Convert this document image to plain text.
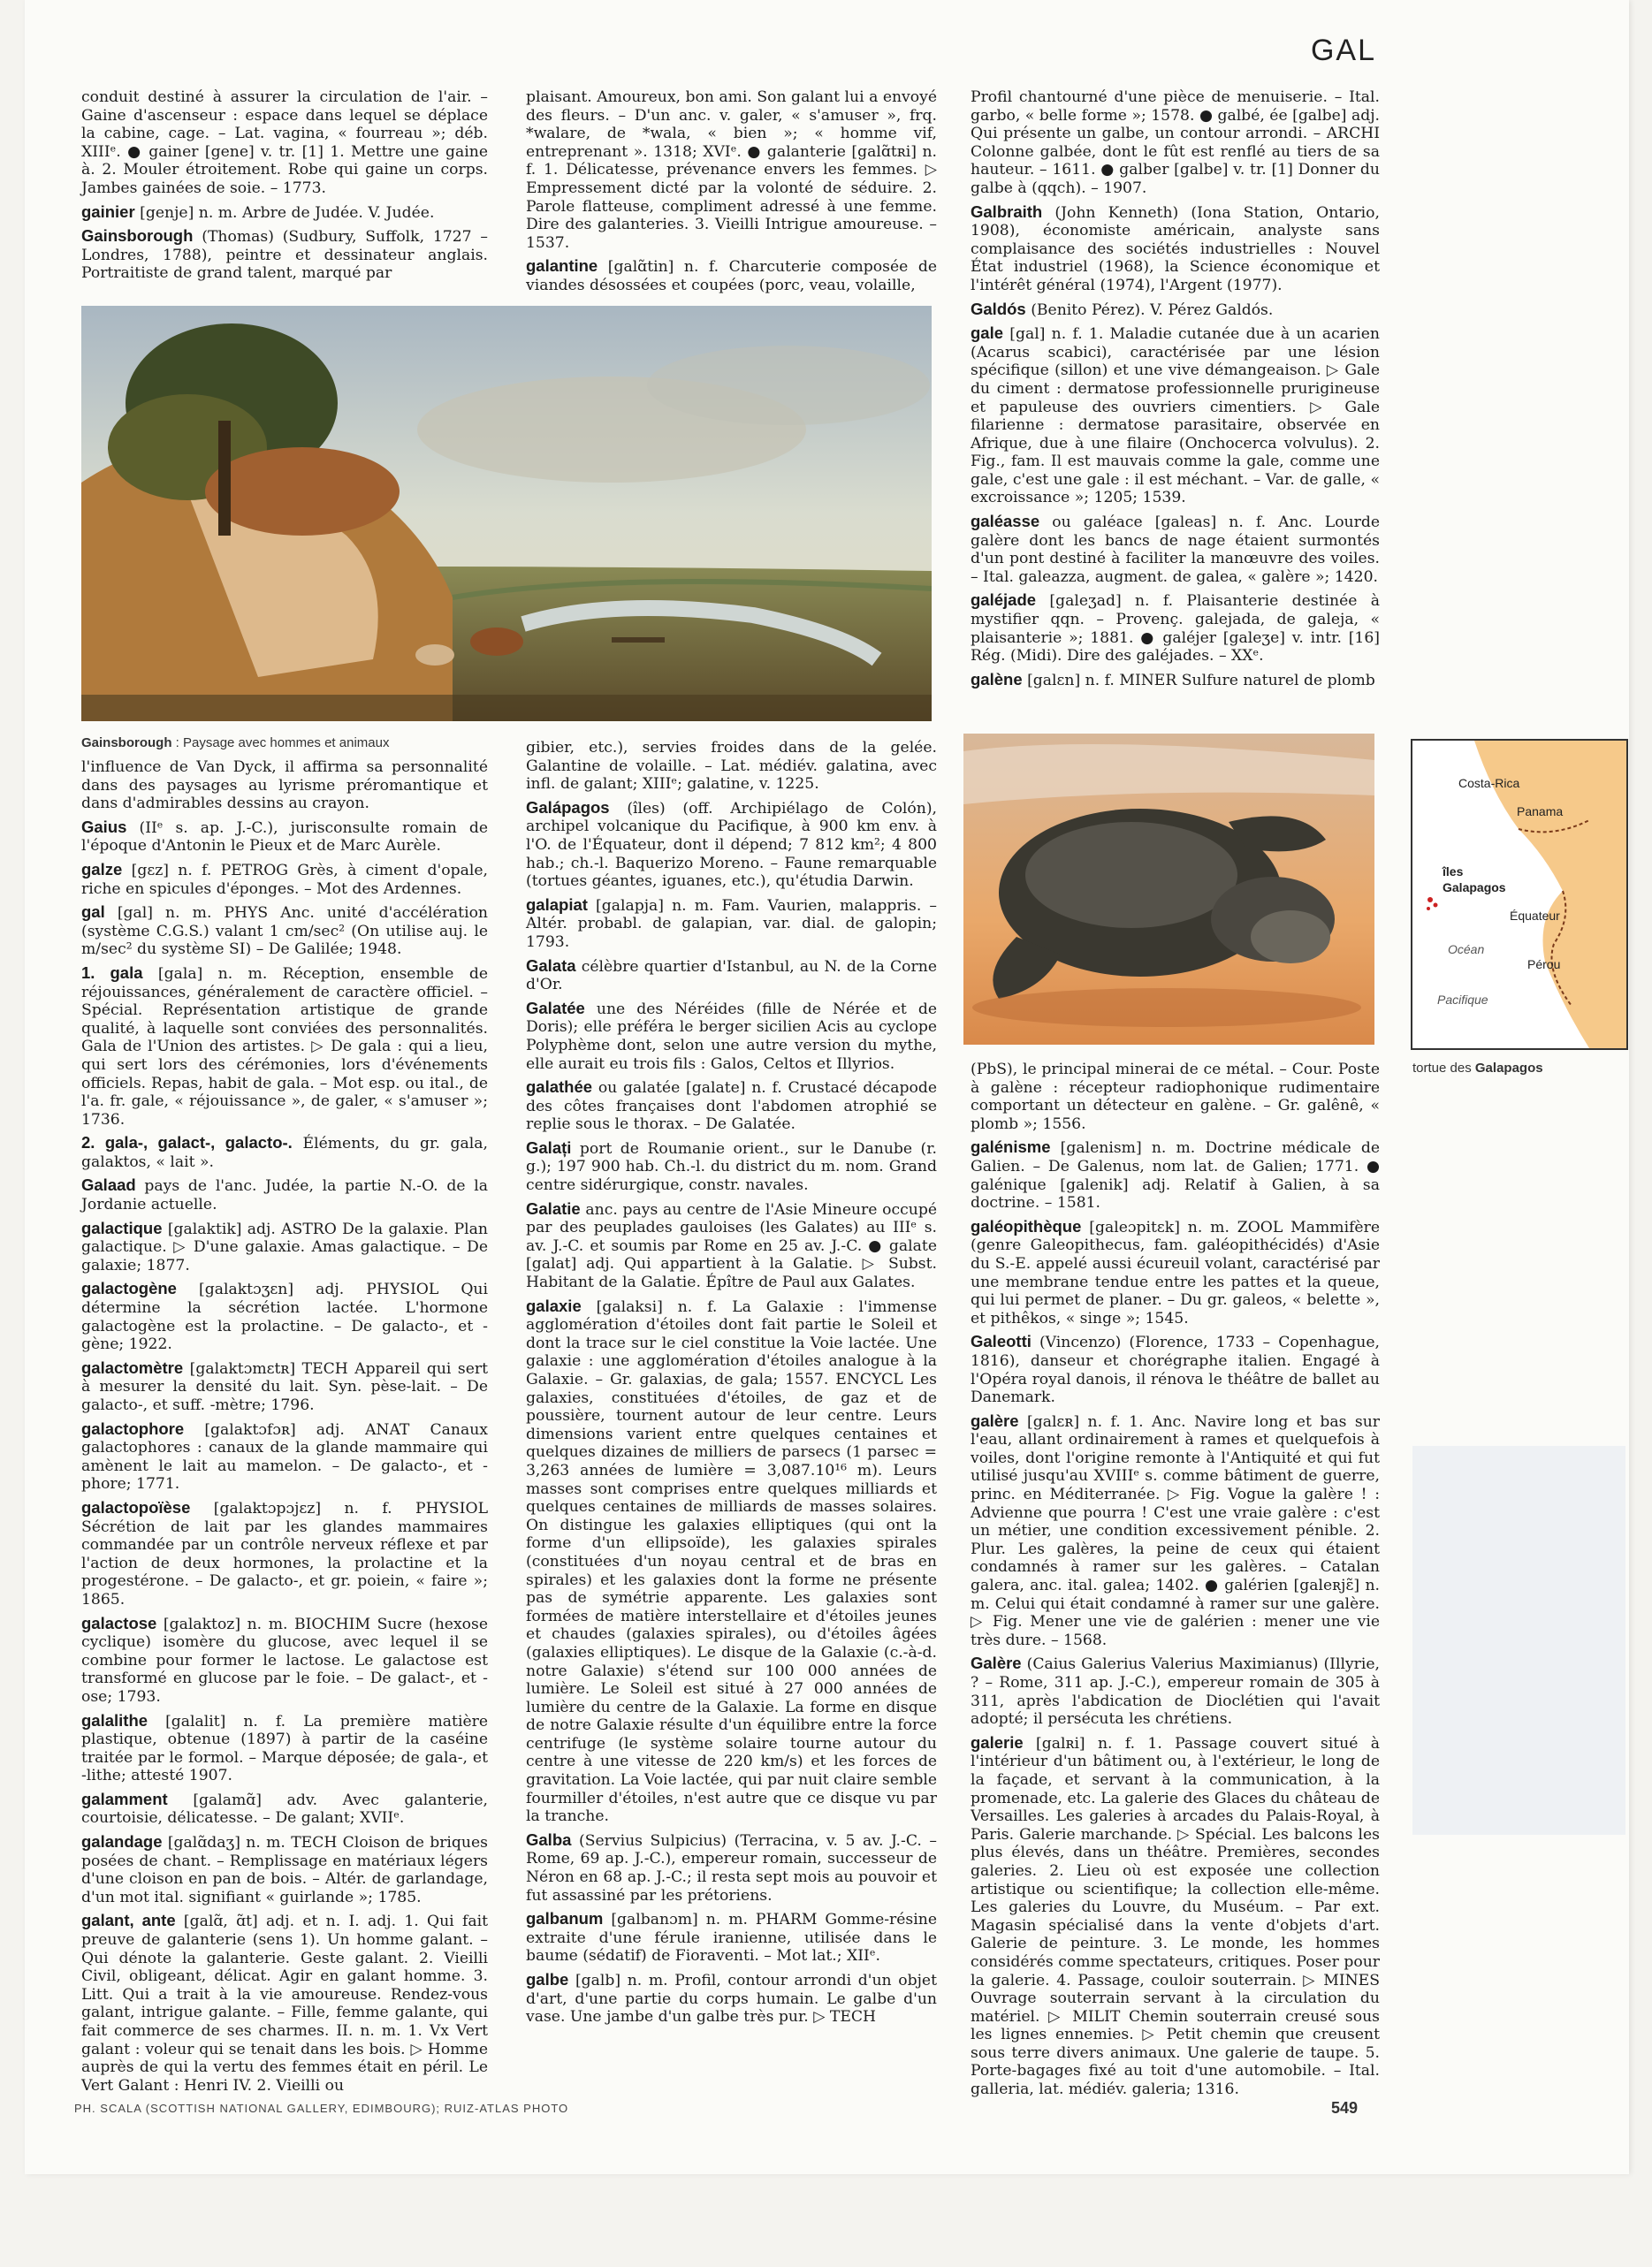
GAL

conduit destiné à assurer la circulation de l'air. – Gaine d'ascenseur : espace dans lequel se déplace la cabine, cage. – Lat. vagina, « fourreau »; déb. XIIIᵉ. ● gainer [gene] v. tr. [1] 1. Mettre une gaine à. 2. Mouler étroitement. Robe qui gaine un corps. Jambes gainées de soie. – 1773.

gainier [genje] n. m. Arbre de Judée. V. Judée.

Gainsborough (Thomas) (Sudbury, Suffolk, 1727 – Londres, 1788), peintre et dessinateur anglais. Portraitiste de grand talent, marqué par

plaisant. Amoureux, bon ami. Son galant lui a envoyé des fleurs. – D'un anc. v. galer, « s'amuser », frq. *walare, de *wala, « bien »; « homme vif, entreprenant ». 1318; XVIᵉ. ● galanterie [galɑ̃tʀi] n. f. 1. Délicatesse, prévenance envers les femmes. ▷ Empressement dicté par la volonté de séduire. 2. Parole flatteuse, compliment adressé à une femme. Dire des galanteries. 3. Vieilli Intrigue amoureuse. – 1537.

galantine [galɑ̃tin] n. f. Charcuterie composée de viandes désossées et coupées (porc, veau, volaille,

Profil chantourné d'une pièce de menuiserie. – Ital. garbo, « belle forme »; 1578. ● galbé, ée [galbe] adj. Qui présente un galbe, un contour arrondi. – ARCHI Colonne galbée, dont le fût est renflé au tiers de sa hauteur. – 1611. ● galber [galbe] v. tr. [1] Donner du galbe à (qqch). – 1907.

Galbraith (John Kenneth) (Iona Station, Ontario, 1908), économiste américain, analyste sans complaisance des sociétés industrielles : Nouvel État industriel (1968), la Science économique et l'intérêt général (1974), l'Argent (1977).

Galdós (Benito Pérez). V. Pérez Galdós.

gale [gal] n. f. 1. Maladie cutanée due à un acarien (Acarus scabici), caractérisée par une lésion spécifique (sillon) et une vive démangeaison. ▷ Gale du ciment : dermatose professionnelle prurigineuse et papuleuse des ouvriers cimentiers. ▷ Gale filarienne : dermatose parasitaire, observée en Afrique, due à une filaire (Onchocerca volvulus). 2. Fig., fam. Il est mauvais comme la gale, comme une gale, c'est une gale : il est méchant. – Var. de galle, « excroissance »; 1205; 1539.

galéasse ou galéace [galeas] n. f. Anc. Lourde galère dont les bancs de nage étaient surmontés d'un pont destiné à faciliter la manœuvre des voiles. – Ital. galeazza, augment. de galea, « galère »; 1420.

galéjade [galeʒad] n. f. Plaisanterie destinée à mystifier qqn. – Provenç. galejada, de galeja, « plaisanterie »; 1881. ● galéjer [galeʒe] v. intr. [16] Rég. (Midi). Dire des galéjades. – XXᵉ.

galène [galɛn] n. f. MINER Sulfure naturel de plomb

Gainsborough : Paysage avec hommes et animaux

l'influence de Van Dyck, il affirma sa personnalité dans des paysages au lyrisme préromantique et dans d'admirables dessins au crayon.

Gaius (IIᵉ s. ap. J.-C.), jurisconsulte romain de l'époque d'Antonin le Pieux et de Marc Aurèle.

galze [gɛz] n. f. PETROG Grès, à ciment d'opale, riche en spicules d'éponges. – Mot des Ardennes.

gal [gal] n. m. PHYS Anc. unité d'accélération (système C.G.S.) valant 1 cm/sec² (On utilise auj. le m/sec² du système SI) – De Galilée; 1948.

1. gala [gala] n. m. Réception, ensemble de réjouissances, généralement de caractère officiel. – Spécial. Représentation artistique de grande qualité, à laquelle sont conviées des personnalités. Gala de l'Union des artistes. ▷ De gala : qui a lieu, qui sert lors des cérémonies, lors d'événements officiels. Repas, habit de gala. – Mot esp. ou ital., de l'a. fr. gale, « réjouissance », de galer, « s'amuser »; 1736.

2. gala-, galact-, galacto-. Éléments, du gr. gala, galaktos, « lait ».

Galaad pays de l'anc. Judée, la partie N.-O. de la Jordanie actuelle.

galactique [galaktik] adj. ASTRO De la galaxie. Plan galactique. ▷ D'une galaxie. Amas galactique. – De galaxie; 1877.

galactogène [galaktɔʒɛn] adj. PHYSIOL Qui détermine la sécrétion lactée. L'hormone galactogène est la prolactine. – De galacto-, et -gène; 1922.

galactomètre [galaktɔmɛtʀ] TECH Appareil qui sert à mesurer la densité du lait. Syn. pèse-lait. – De galacto-, et suff. -mètre; 1796.

galactophore [galaktɔfɔʀ] adj. ANAT Canaux galactophores : canaux de la glande mammaire qui amènent le lait au mamelon. – De galacto-, et -phore; 1771.

galactopoïèse [galaktɔpɔjɛz] n. f. PHYSIOL Sécrétion de lait par les glandes mammaires commandée par un contrôle nerveux réflexe et par l'action de deux hormones, la prolactine et la progestérone. – De galacto-, et gr. poiein, « faire »; 1865.

galactose [galaktoz] n. m. BIOCHIM Sucre (hexose cyclique) isomère du glucose, avec lequel il se combine pour former le lactose. Le galactose est transformé en glucose par le foie. – De galact-, et -ose; 1793.

galalithe [galalit] n. f. La première matière plastique, obtenue (1897) à partir de la caséine traitée par le formol. – Marque déposée; de gala-, et -lithe; attesté 1907.

galamment [galamɑ̃] adv. Avec galanterie, courtoisie, délicatesse. – De galant; XVIIᵉ.

galandage [galɑ̃daʒ] n. m. TECH Cloison de briques posées de chant. – Remplissage en matériaux légers d'une cloison en pan de bois. – Altér. de garlandage, d'un mot ital. signifiant « guirlande »; 1785.

galant, ante [galɑ̃, ɑ̃t] adj. et n. I. adj. 1. Qui fait preuve de galanterie (sens 1). Un homme galant. – Qui dénote la galanterie. Geste galant. 2. Vieilli Civil, obligeant, délicat. Agir en galant homme. 3. Litt. Qui a trait à la vie amoureuse. Rendez-vous galant, intrigue galante. – Fille, femme galante, qui fait commerce de ses charmes. II. n. m. 1. Vx Vert galant : voleur qui se tenait dans les bois. ▷ Homme auprès de qui la vertu des femmes était en péril. Le Vert Galant : Henri IV. 2. Vieilli ou

gibier, etc.), servies froides dans de la gelée. Galantine de volaille. – Lat. médiév. galatina, avec infl. de galant; XIIIᵉ; galatine, v. 1225.

Galápagos (îles) (off. Archipiélago de Colón), archipel volcanique du Pacifique, à 900 km env. à l'O. de l'Équateur, dont il dépend; 7 812 km²; 4 800 hab.; ch.-l. Baquerizo Moreno. – Faune remarquable (tortues géantes, iguanes, etc.), qu'étudia Darwin.

galapiat [galapja] n. m. Fam. Vaurien, malappris. – Altér. probabl. de galapian, var. dial. de galopin; 1793.

Galata célèbre quartier d'Istanbul, au N. de la Corne d'Or.

Galatée une des Néréides (fille de Nérée et de Doris); elle préféra le berger sicilien Acis au cyclope Polyphème dont, selon une autre version du mythe, elle aurait eu trois fils : Galos, Celtos et Illyrios.

galathée ou galatée [galate] n. f. Crustacé décapode des côtes françaises dont l'abdomen atrophié se replie sous le thorax. – De Galatée.

Galați port de Roumanie orient., sur le Danube (r. g.); 197 900 hab. Ch.-l. du district du m. nom. Grand centre sidérurgique, constr. navales.

Galatie anc. pays au centre de l'Asie Mineure occupé par des peuplades gauloises (les Galates) au IIIᵉ s. av. J.-C. et soumis par Rome en 25 av. J.-C. ● galate [galat] adj. Qui appartient à la Galatie. ▷ Subst. Habitant de la Galatie. Épître de Paul aux Galates.

galaxie [galaksi] n. f. La Galaxie : l'immense agglomération d'étoiles dont fait partie le Soleil et dont la trace sur le ciel constitue la Voie lactée. Une galaxie : une agglomération d'étoiles analogue à la Galaxie. – Gr. galaxias, de gala; 1557. ENCYCL Les galaxies, constituées d'étoiles, de gaz et de poussière, tournent autour de leur centre. Leurs dimensions varient entre quelques centaines et quelques dizaines de milliers de parsecs (1 parsec = 3,263 années de lumière = 3,087.10¹⁶ m). Leurs masses sont comprises entre quelques milliards et quelques centaines de milliards de masses solaires. On distingue les galaxies elliptiques (qui ont la forme d'un ellipsoïde), les galaxies spirales (constituées d'un noyau central et de bras en spirales) et les galaxies dont la forme ne présente pas de symétrie apparente. Les galaxies sont formées de matière interstellaire et d'étoiles jeunes et chaudes (galaxies spirales), ou d'étoiles âgées (galaxies elliptiques). Le disque de la Galaxie (c.-à-d. notre Galaxie) s'étend sur 100 000 années de lumière. Le Soleil est situé à 27 000 années de lumière du centre de la Galaxie. La forme en disque de notre Galaxie résulte d'un équilibre entre la force centrifuge (le système solaire tourne autour du centre à une vitesse de 220 km/s) et les forces de gravitation. La Voie lactée, qui par nuit claire semble fourmiller d'étoiles, n'est autre que ce disque vu par la tranche.

Galba (Servius Sulpicius) (Terracina, v. 5 av. J.-C. – Rome, 69 ap. J.-C.), empereur romain, successeur de Néron en 68 ap. J.-C.; il resta sept mois au pouvoir et fut assassiné par les prétoriens.

galbanum [galbanɔm] n. m. PHARM Gomme-résine extraite d'une férule iranienne, utilisée dans le baume (sédatif) de Fioraventi. – Mot lat.; XIIᵉ.

galbe [galb] n. m. Profil, contour arrondi d'un objet d'art, d'une partie du corps humain. Le galbe d'un vase. Une jambe d'un galbe très pur. ▷ TECH

Costa-Rica
Panama
îles
Galapagos
Équateur
Océan
Pérou
Pacifique
tortue des Galapagos

(PbS), le principal minerai de ce métal. – Cour. Poste à galène : récepteur radiophonique rudimentaire comportant un détecteur en galène. – Gr. galênê, « plomb »; 1556.

galénisme [galenism] n. m. Doctrine médicale de Galien. – De Galenus, nom lat. de Galien; 1771. ● galénique [galenik] adj. Relatif à Galien, à sa doctrine. – 1581.

galéopithèque [galeɔpitɛk] n. m. ZOOL Mammifère (genre Galeopithecus, fam. galéopithécidés) d'Asie du S.-E. appelé aussi écureuil volant, caractérisé par une membrane tendue entre les pattes et la queue, qui lui permet de planer. – Du gr. galeos, « belette », et pithêkos, « singe »; 1545.

Galeotti (Vincenzo) (Florence, 1733 – Copenhague, 1816), danseur et chorégraphe italien. Engagé à l'Opéra royal danois, il rénova le théâtre de ballet au Danemark.

galère [galɛʀ] n. f. 1. Anc. Navire long et bas sur l'eau, allant ordinairement à rames et quelquefois à voiles, dont l'origine remonte à l'Antiquité et qui fut utilisé jusqu'au XVIIIᵉ s. comme bâtiment de guerre, princ. en Méditerranée. ▷ Fig. Vogue la galère ! : Advienne que pourra ! C'est une vraie galère : c'est un métier, une condition excessivement pénible. 2. Plur. Les galères, la peine de ceux qui étaient condamnés à ramer sur les galères. – Catalan galera, anc. ital. galea; 1402. ● galérien [galeʀjɛ̃] n. m. Celui qui était condamné à ramer sur une galère. ▷ Fig. Mener une vie de galérien : mener une vie très dure. – 1568.

Galère (Caius Galerius Valerius Maximianus) (Illyrie, ? – Rome, 311 ap. J.-C.), empereur romain de 305 à 311, après l'abdication de Dioclétien qui l'avait adopté; il persécuta les chrétiens.

galerie [galʀi] n. f. 1. Passage couvert situé à l'intérieur d'un bâtiment ou, à l'extérieur, le long de la façade, et servant à la communication, à la promenade, etc. La galerie des Glaces du château de Versailles. Les galeries à arcades du Palais-Royal, à Paris. Galerie marchande. ▷ Spécial. Les balcons les plus élevés, dans un théâtre. Premières, secondes galeries. 2. Lieu où est exposée une collection artistique ou scientifique; la collection elle-même. Les galeries du Louvre, du Muséum. – Par ext. Magasin spécialisé dans la vente d'objets d'art. Galerie de peinture. 3. Le monde, les hommes considérés comme spectateurs, critiques. Poser pour la galerie. 4. Passage, couloir souterrain. ▷ MINES Ouvrage souterrain servant à la circulation du matériel. ▷ MILIT Chemin souterrain creusé sous les lignes ennemies. ▷ Petit chemin que creusent sous terre divers animaux. Une galerie de taupe. 5. Porte-bagages fixé au toit d'une automobile. – Ital. galleria, lat. médiév. galeria; 1316.

PH. SCALA (SCOTTISH NATIONAL GALLERY, EDIMBOURG); RUIZ-ATLAS PHOTO	549
